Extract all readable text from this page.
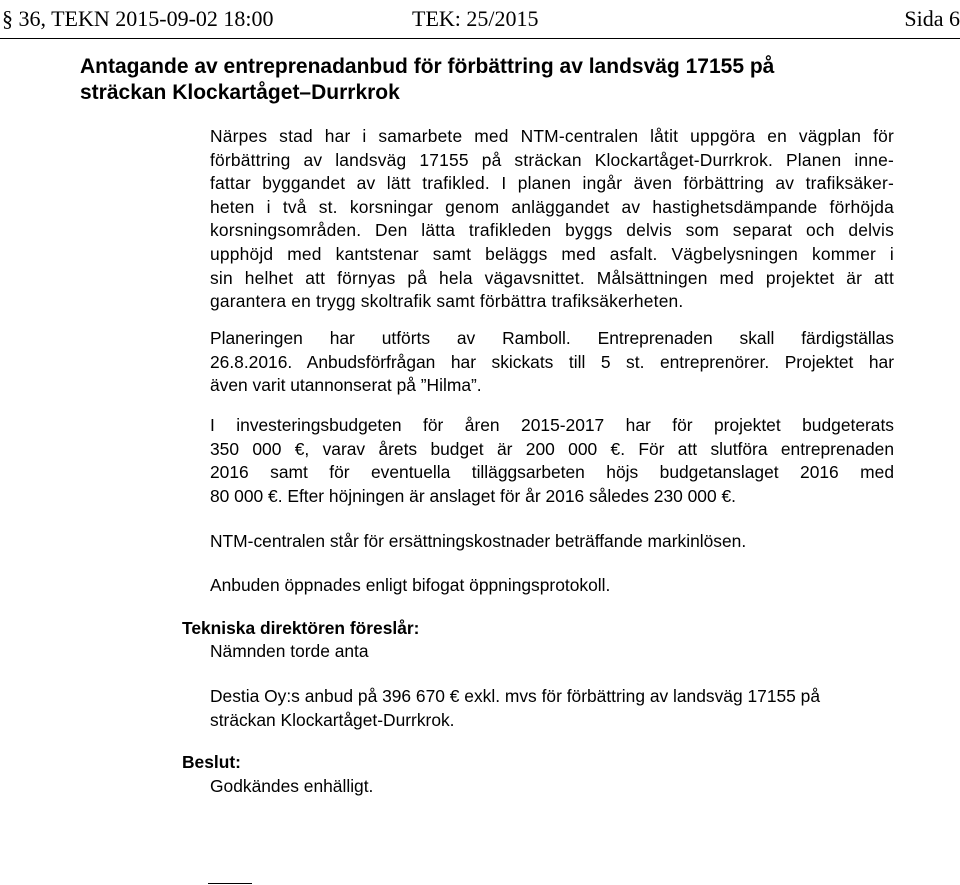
§ 36, TEKN 2015-09-02 18:00	TEK: 25/2015	Sida 6
Antagande av entreprenadanbud för förbättring av landsväg 17155 på
sträckan Klockartåget–Durrkrok
Närpes stad har i samarbete med NTM-centralen låtit uppgöra en vägplan för
förbättring av landsväg 17155 på sträckan Klockartåget-Durrkrok. Planen inne-
fattar byggandet av lätt trafikled. I planen ingår även förbättring av trafiksäker-
heten i två st. korsningar genom anläggandet av hastighetsdämpande förhöjda
korsningsområden. Den lätta trafikleden byggs delvis som separat och delvis
upphöjd med kantstenar samt beläggs med asfalt. Vägbelysningen kommer i
sin helhet att förnyas på hela vägavsnittet. Målsättningen med projektet är att
garantera en trygg skoltrafik samt förbättra trafiksäkerheten.
Planeringen har utförts av Ramboll. Entreprenaden skall färdigställas
26.8.2016. Anbudsförfrågan har skickats till 5 st. entreprenörer. Projektet har
även varit utannonserat på ”Hilma”.
I investeringsbudgeten för åren 2015-2017 har för projektet budgeterats
350 000 €, varav årets budget är 200 000 €. För att slutföra entreprenaden
2016 samt för eventuella tilläggsarbeten höjs budgetanslaget 2016 med
80 000 €. Efter höjningen är anslaget för år 2016 således 230 000 €.
NTM-centralen står för ersättningskostnader beträffande markinlösen.
Anbuden öppnades enligt bifogat öppningsprotokoll.
Tekniska direktören föreslår:
Nämnden torde anta
Destia Oy:s anbud på 396 670 € exkl. mvs för förbättring av landsväg 17155 på
sträckan Klockartåget-Durrkrok.
Beslut:
Godkändes enhälligt.
